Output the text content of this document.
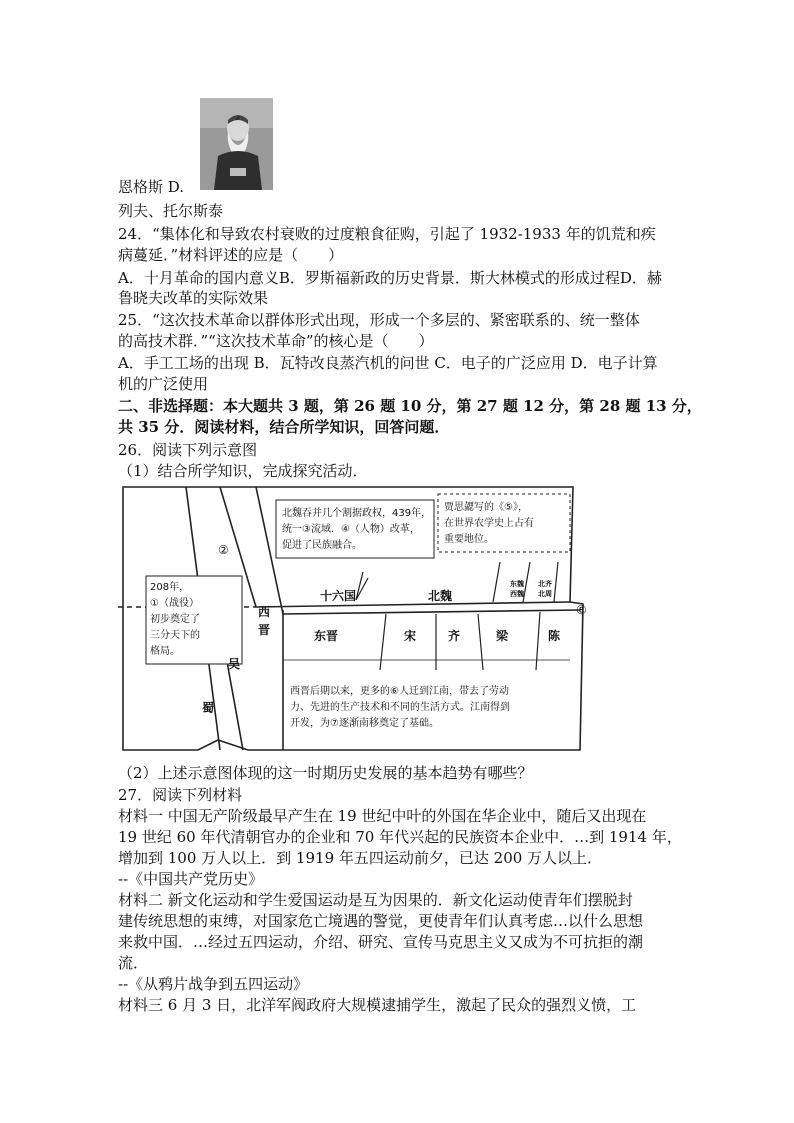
恩格斯 D.
列夫、托尔斯泰
24．“集体化和导致农村衰败的过度粮食征购，引起了 1932-1933 年的饥荒和疾
病蔓延．”材料评述的应是（　　）
A．十月革命的国内意义B．罗斯福新政的历史背景．斯大林模式的形成过程D．赫
鲁晓夫改革的实际效果
25．“这次技术革命以群体形式出现，形成一个多层的、紧密联系的、统一整体
的高技术群．”“这次技术革命”的核心是（　　）
A．手工工场的出现 B．瓦特改良蒸汽机的问世 C．电子的广泛应用 D．电子计算
机的广泛使用
二、非选择题：本大题共 3 题，第 26 题 10 分，第 27 题 12 分，第 28 题 13 分，
共 35 分．阅读材料，结合所学知识，回答问题．
26．阅读下列示意图
（1）结合所学知识，完成探究活动．
北魏吞并几个割据政权，439年，
统一③流域．④（人物）改革，
促进了民族融合。
贾思勰写的《⑤》，
在世界农学史上占有
重要地位。
208年，
①（战役）
初步奠定了
三分天下的
格局。
西晋后期以来，更多的⑥人迁到江南，带去了劳动
力、先进的生产技术和不同的生活方式。江南得到
开发，为⑦逐渐南移奠定了基础。
②
⑧
西
晋
十六国	北魏
东晋	宋	齐	梁	陈
吴
蜀
东魏
西魏
北齐
北周
（2）上述示意图体现的这一时期历史发展的基本趋势有哪些？
27．阅读下列材料
材料一 中国无产阶级最早产生在 19 世纪中叶的外国在华企业中，随后又出现在
19 世纪 60 年代清朝官办的企业和 70 年代兴起的民族资本企业中．…到 1914 年，
增加到 100 万人以上．到 1919 年五四运动前夕，已达 200 万人以上．
--《中国共产党历史》
材料二 新文化运动和学生爱国运动是互为因果的．新文化运动使青年们摆脱封
建传统思想的束缚，对国家危亡境遇的警觉，更使青年们认真考虑…以什么思想
来救中国．…经过五四运动，介绍、研究、宣传马克思主义又成为不可抗拒的潮
流．
--《从鸦片战争到五四运动》
材料三 6 月 3 日，北洋军阀政府大规模逮捕学生，激起了民众的强烈义愤，工
